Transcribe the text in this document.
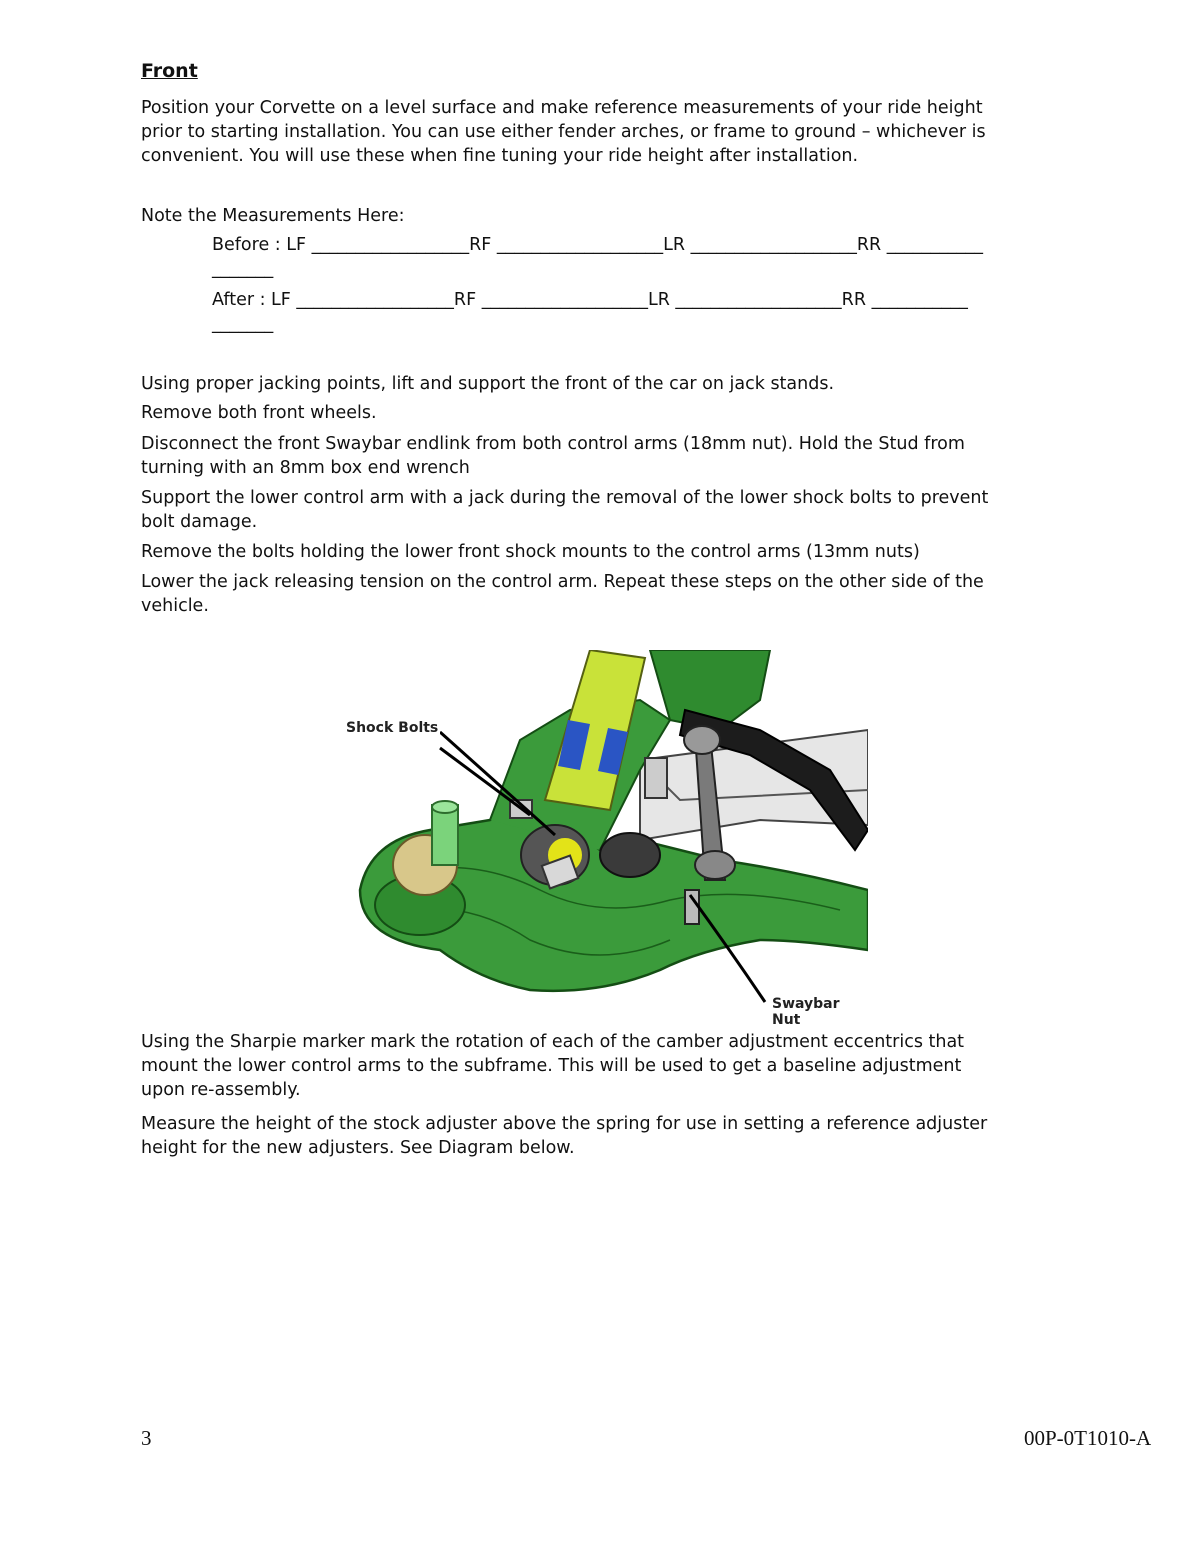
Front
Position your Corvette on a level surface and make reference measurements of your ride height
prior to starting installation. You can use either fender arches, or frame to ground – whichever is
convenient. You will use these when fine tuning your ride height after installation.
Note the Measurements Here:
Before : LF __________________RF ___________________LR ___________________RR ___________
_______
After : LF __________________RF ___________________LR ___________________RR ___________
_______
Using proper jacking points, lift and support the front of the car on jack stands.
Remove both front wheels.
Disconnect the front Swaybar endlink from both control arms (18mm nut). Hold the Stud from
turning with an 8mm box end wrench
Support the lower control arm with a jack during the removal of the lower shock bolts to prevent
bolt damage.
Remove the bolts holding the lower front shock mounts to the control arms (13mm nuts)
Lower the jack releasing tension on the control arm. Repeat these steps on the other side of the
vehicle.
Shock Bolts
Swaybar Nut
Using the Sharpie marker mark the rotation of each of the camber adjustment eccentrics that
mount the lower control arms to the subframe. This will be used to get a baseline adjustment
upon re-assembly.
Measure the height of the stock adjuster above the spring for use in setting a reference adjuster
height for the new adjusters. See Diagram below.
3	00P-0T1010-A
